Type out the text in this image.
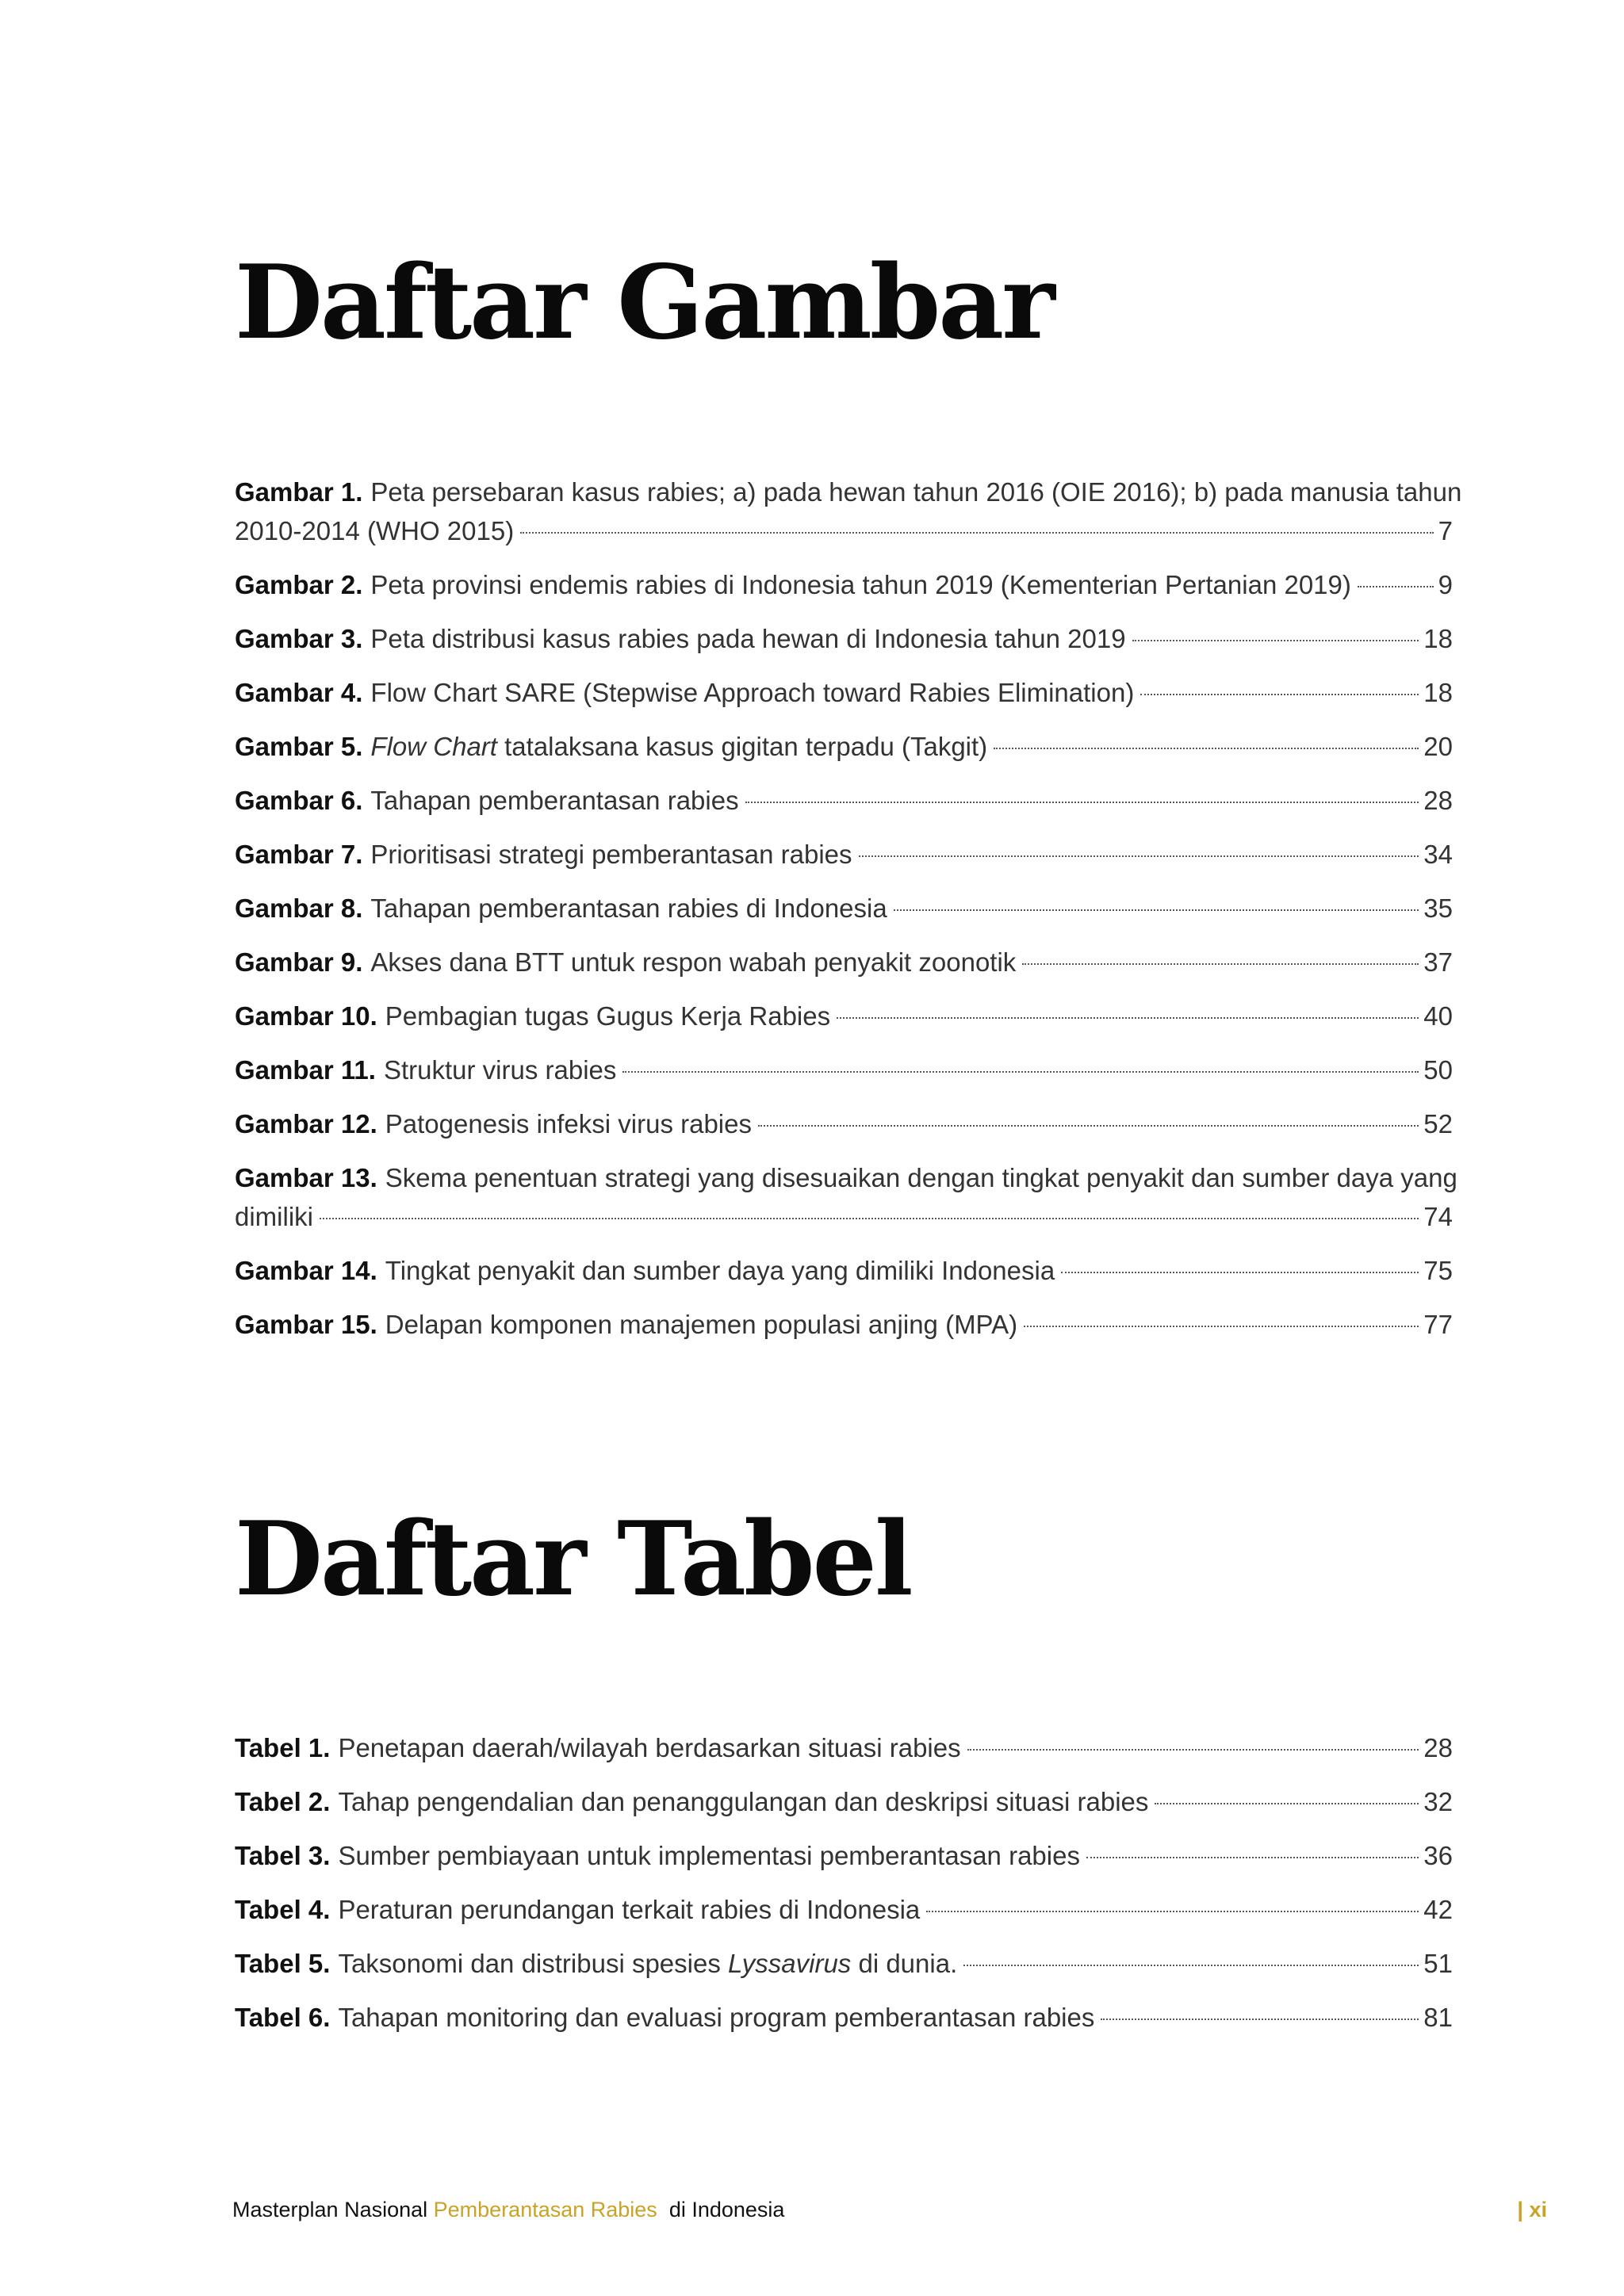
Daftar Gambar
Gambar 1. Peta persebaran kasus rabies; a) pada hewan tahun 2016 (OIE 2016); b) pada manusia tahun
2010-2014 (WHO 2015)	7
Gambar 2. Peta provinsi endemis rabies di Indonesia tahun 2019 (Kementerian Pertanian 2019)	9
Gambar 3. Peta distribusi kasus rabies pada hewan di Indonesia tahun 2019	18
Gambar 4. Flow Chart SARE (Stepwise Approach toward Rabies Elimination)	18
Gambar 5. Flow Chart tatalaksana kasus gigitan terpadu (Takgit)	20
Gambar 6. Tahapan pemberantasan rabies	28
Gambar 7. Prioritisasi strategi pemberantasan rabies	34
Gambar 8. Tahapan pemberantasan rabies di Indonesia	35
Gambar 9. Akses dana BTT untuk respon wabah penyakit zoonotik	37
Gambar 10. Pembagian tugas Gugus Kerja Rabies	40
Gambar 11. Struktur virus rabies	50
Gambar 12. Patogenesis infeksi virus rabies	52
Gambar 13. Skema penentuan strategi yang disesuaikan dengan tingkat penyakit dan sumber daya yang
dimiliki	74
Gambar 14. Tingkat penyakit dan sumber daya yang dimiliki Indonesia	75
Gambar 15. Delapan komponen manajemen populasi anjing (MPA)	77
Daftar Tabel
Tabel 1. Penetapan daerah/wilayah berdasarkan situasi rabies	28
Tabel 2. Tahap pengendalian dan penanggulangan dan deskripsi situasi rabies	32
Tabel 3. Sumber pembiayaan untuk implementasi pemberantasan rabies	36
Tabel 4. Peraturan perundangan terkait rabies di Indonesia	42
Tabel 5. Taksonomi dan distribusi spesies Lyssavirus di dunia.	51
Tabel 6. Tahapan monitoring dan evaluasi program pemberantasan rabies	81
Masterplan Nasional Pemberantasan Rabies  di Indonesia	| xi
